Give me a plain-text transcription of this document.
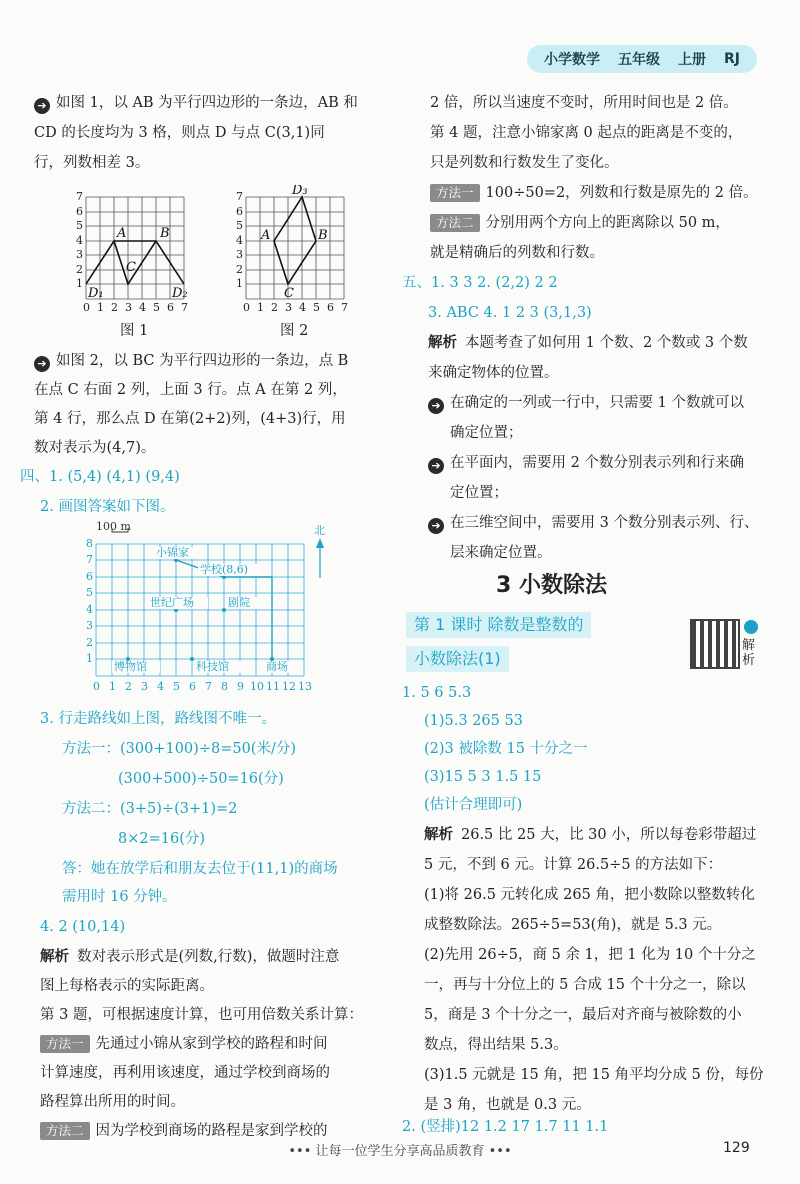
小学数学 五年级 上册 RJ
➔ 如图 1，以 AB 为平行四边形的一条边，AB 和
CD 的长度均为 3 格，则点 D 与点 C(3,1)同
行，列数相差 3。
1
2
3
4
5
6
7
0 1 2 3 4 5 6 7
A	B
C
D₁	D₂
图 1
1
2
3
4
5
6
7
0 1 2 3 4 5 6 7
A	B
C
D₃
图 2
➔ 如图 2，以 BC 为平行四边形的一条边，点 B
在点 C 右面 2 列，上面 3 行。点 A 在第 2 列，
第 4 行，那么点 D 在第(2+2)列，(4+3)行，用
数对表示为(4,7)。
四、1. (5,4) (4,1) (9,4)
2. 画图答案如下图。
100 m	北
小锦家
学校(8,6)
世纪广场	剧院
博物馆	科技馆	商场
1
2
3
4
5
6
7
8
0 1 2 3 4 5 6 7 8 9 10 11 12 13
3. 行走路线如上图，路线图不唯一。
方法一：(300+100)÷8=50(米/分)
(300+500)÷50=16(分)
方法二：(3+5)÷(3+1)=2
8×2=16(分)
答：她在放学后和朋友去位于(11,1)的商场
需用时 16 分钟。
4. 2 (10,14)
解析 数对表示形式是(列数,行数)，做题时注意
图上每格表示的实际距离。
第 3 题，可根据速度计算，也可用倍数关系计算：
方法一 先通过小锦从家到学校的路程和时间
计算速度，再利用该速度，通过学校到商场的
路程算出所用的时间。
方法二 因为学校到商场的路程是家到学校的
2 倍，所以当速度不变时，所用时间也是 2 倍。
第 4 题，注意小锦家离 0 起点的距离是不变的，
只是列数和行数发生了变化。
方法一 100÷50=2，列数和行数是原先的 2 倍。
方法二 分别用两个方向上的距离除以 50 m，
就是精确后的列数和行数。
五、1. 3 3 2. (2,2) 2 2
3. ABC 4. 1 2 3 (3,1,3)
解析 本题考查了如何用 1 个数、2 个数或 3 个数
来确定物体的位置。
➔ 在确定的一列或一行中，只需要 1 个数就可以
确定位置；
➔ 在平面内，需要用 2 个数分别表示列和行来确
定位置；
➔ 在三维空间中，需要用 3 个数分别表示列、行、
层来确定位置。
3 小数除法
第 1 课时 除数是整数的
小数除法(1)
1. 5 6 5.3
(1)5.3 265 53
(2)3 被除数 15 十分之一
(3)15 5 3 1.5 15
(估计合理即可)
解析 26.5 比 25 大，比 30 小，所以每卷彩带超过
5 元，不到 6 元。计算 26.5÷5 的方法如下：
(1)将 26.5 元转化成 265 角，把小数除以整数转化
成整数除法。265÷5=53(角)，就是 5.3 元。
(2)先用 26÷5，商 5 余 1，把 1 化为 10 个十分之
一，再与十分位上的 5 合成 15 个十分之一，除以
5，商是 3 个十分之一，最后对齐商与被除数的小
数点，得出结果 5.3。
(3)1.5 元就是 15 角，把 15 角平均分成 5 份，每份
是 3 角，也就是 0.3 元。
2. (竖排)12 1.2 17 1.7 11 1.1
解析
••• 让每一位学生分享高品质教育 •••	129
